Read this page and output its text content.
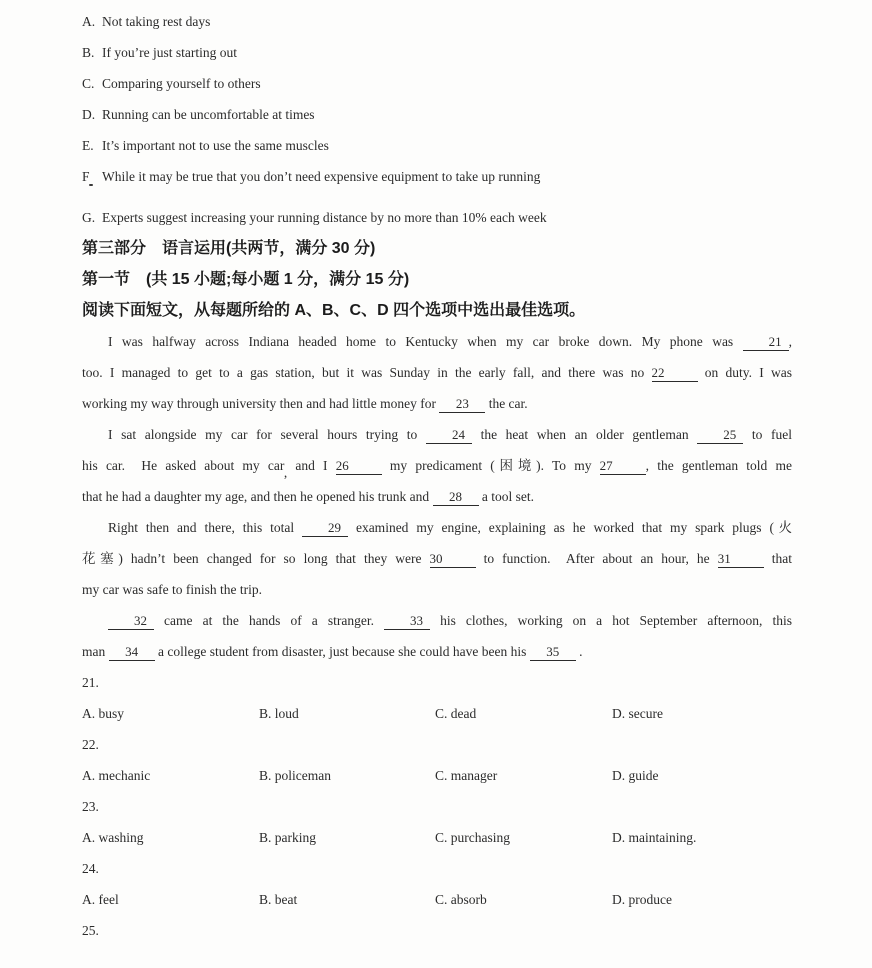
A. Not taking rest days
B. If you’re just starting out
C. Comparing yourself to others
D. Running can be uncomfortable at times
E. It’s important not to use the same muscles
F While it may be true that you don’t need expensive equipment to take up running
G. Experts suggest increasing your running distance by no more than 10% each week
第三部分　语言运用(共两节，满分 30 分)
第一节　(共 15 小题;每小题 1 分，满分 15 分)
阅读下面短文，从每题所给的 A、B、C、D 四个选项中选出最佳选项。
I was halfway across Indiana headed home to Kentucky when my car broke down. My phone was 21 ,
too. I managed to get to a gas station, but it was Sunday in the early fall, and there was no 22 on duty. I was
working my way through university then and had little money for 23 the car.
I sat alongside my car for several hours trying to 24 the heat when an older gentleman 25 to fuel
his car.  He asked about my car, and I 26 my predicament (困境). To my 27 , the gentleman told me
that he had a daughter my age, and then he opened his trunk and 28 a tool set.
Right then and there, this total 29 examined my engine, explaining as he worked that my spark plugs (火
花塞) hadn’t been changed for so long that they were 30 to function.  After about an hour, he 31 that
my car was safe to finish the trip.
32 came at the hands of a stranger. 33 his clothes, working on a hot September afternoon, this
man 34 a college student from disaster, just because she could have been his 35 .
21.
A. busy	B. loud	C. dead	D. secure
22.
A. mechanic	B. policeman	C. manager	D. guide
23.
A. washing	B. parking	C. purchasing	D. maintaining.
24.
A. feel	B. beat	C. absorb	D. produce
25.
